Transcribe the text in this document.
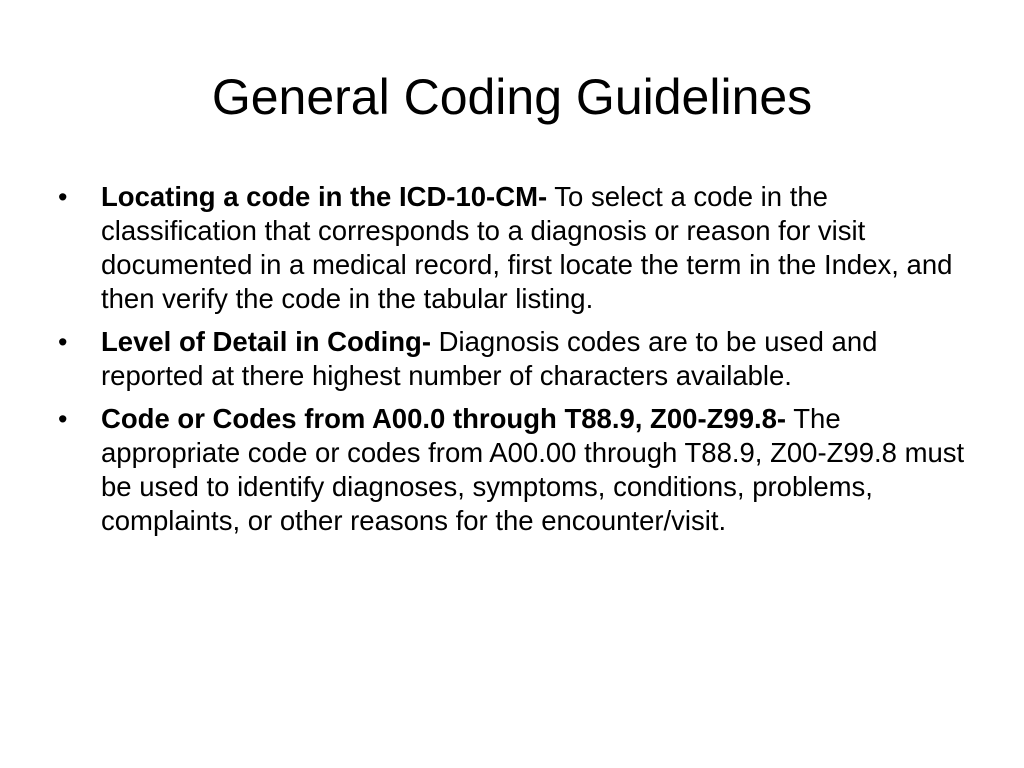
General Coding Guidelines
•	Locating a code in the ICD-10-CM- To select a code in the classification that corresponds to a diagnosis or reason for visit documented in a medical record, first locate the term in the Index, and then verify the code in the tabular listing.
•	Level of Detail in Coding- Diagnosis codes are to be used and reported at there highest number of characters available.
•	Code or Codes from A00.0 through T88.9, Z00-Z99.8- The appropriate code or codes from A00.00 through T88.9, Z00-Z99.8 must be used to identify diagnoses, symptoms, conditions, problems, complaints, or other reasons for the encounter/visit.
